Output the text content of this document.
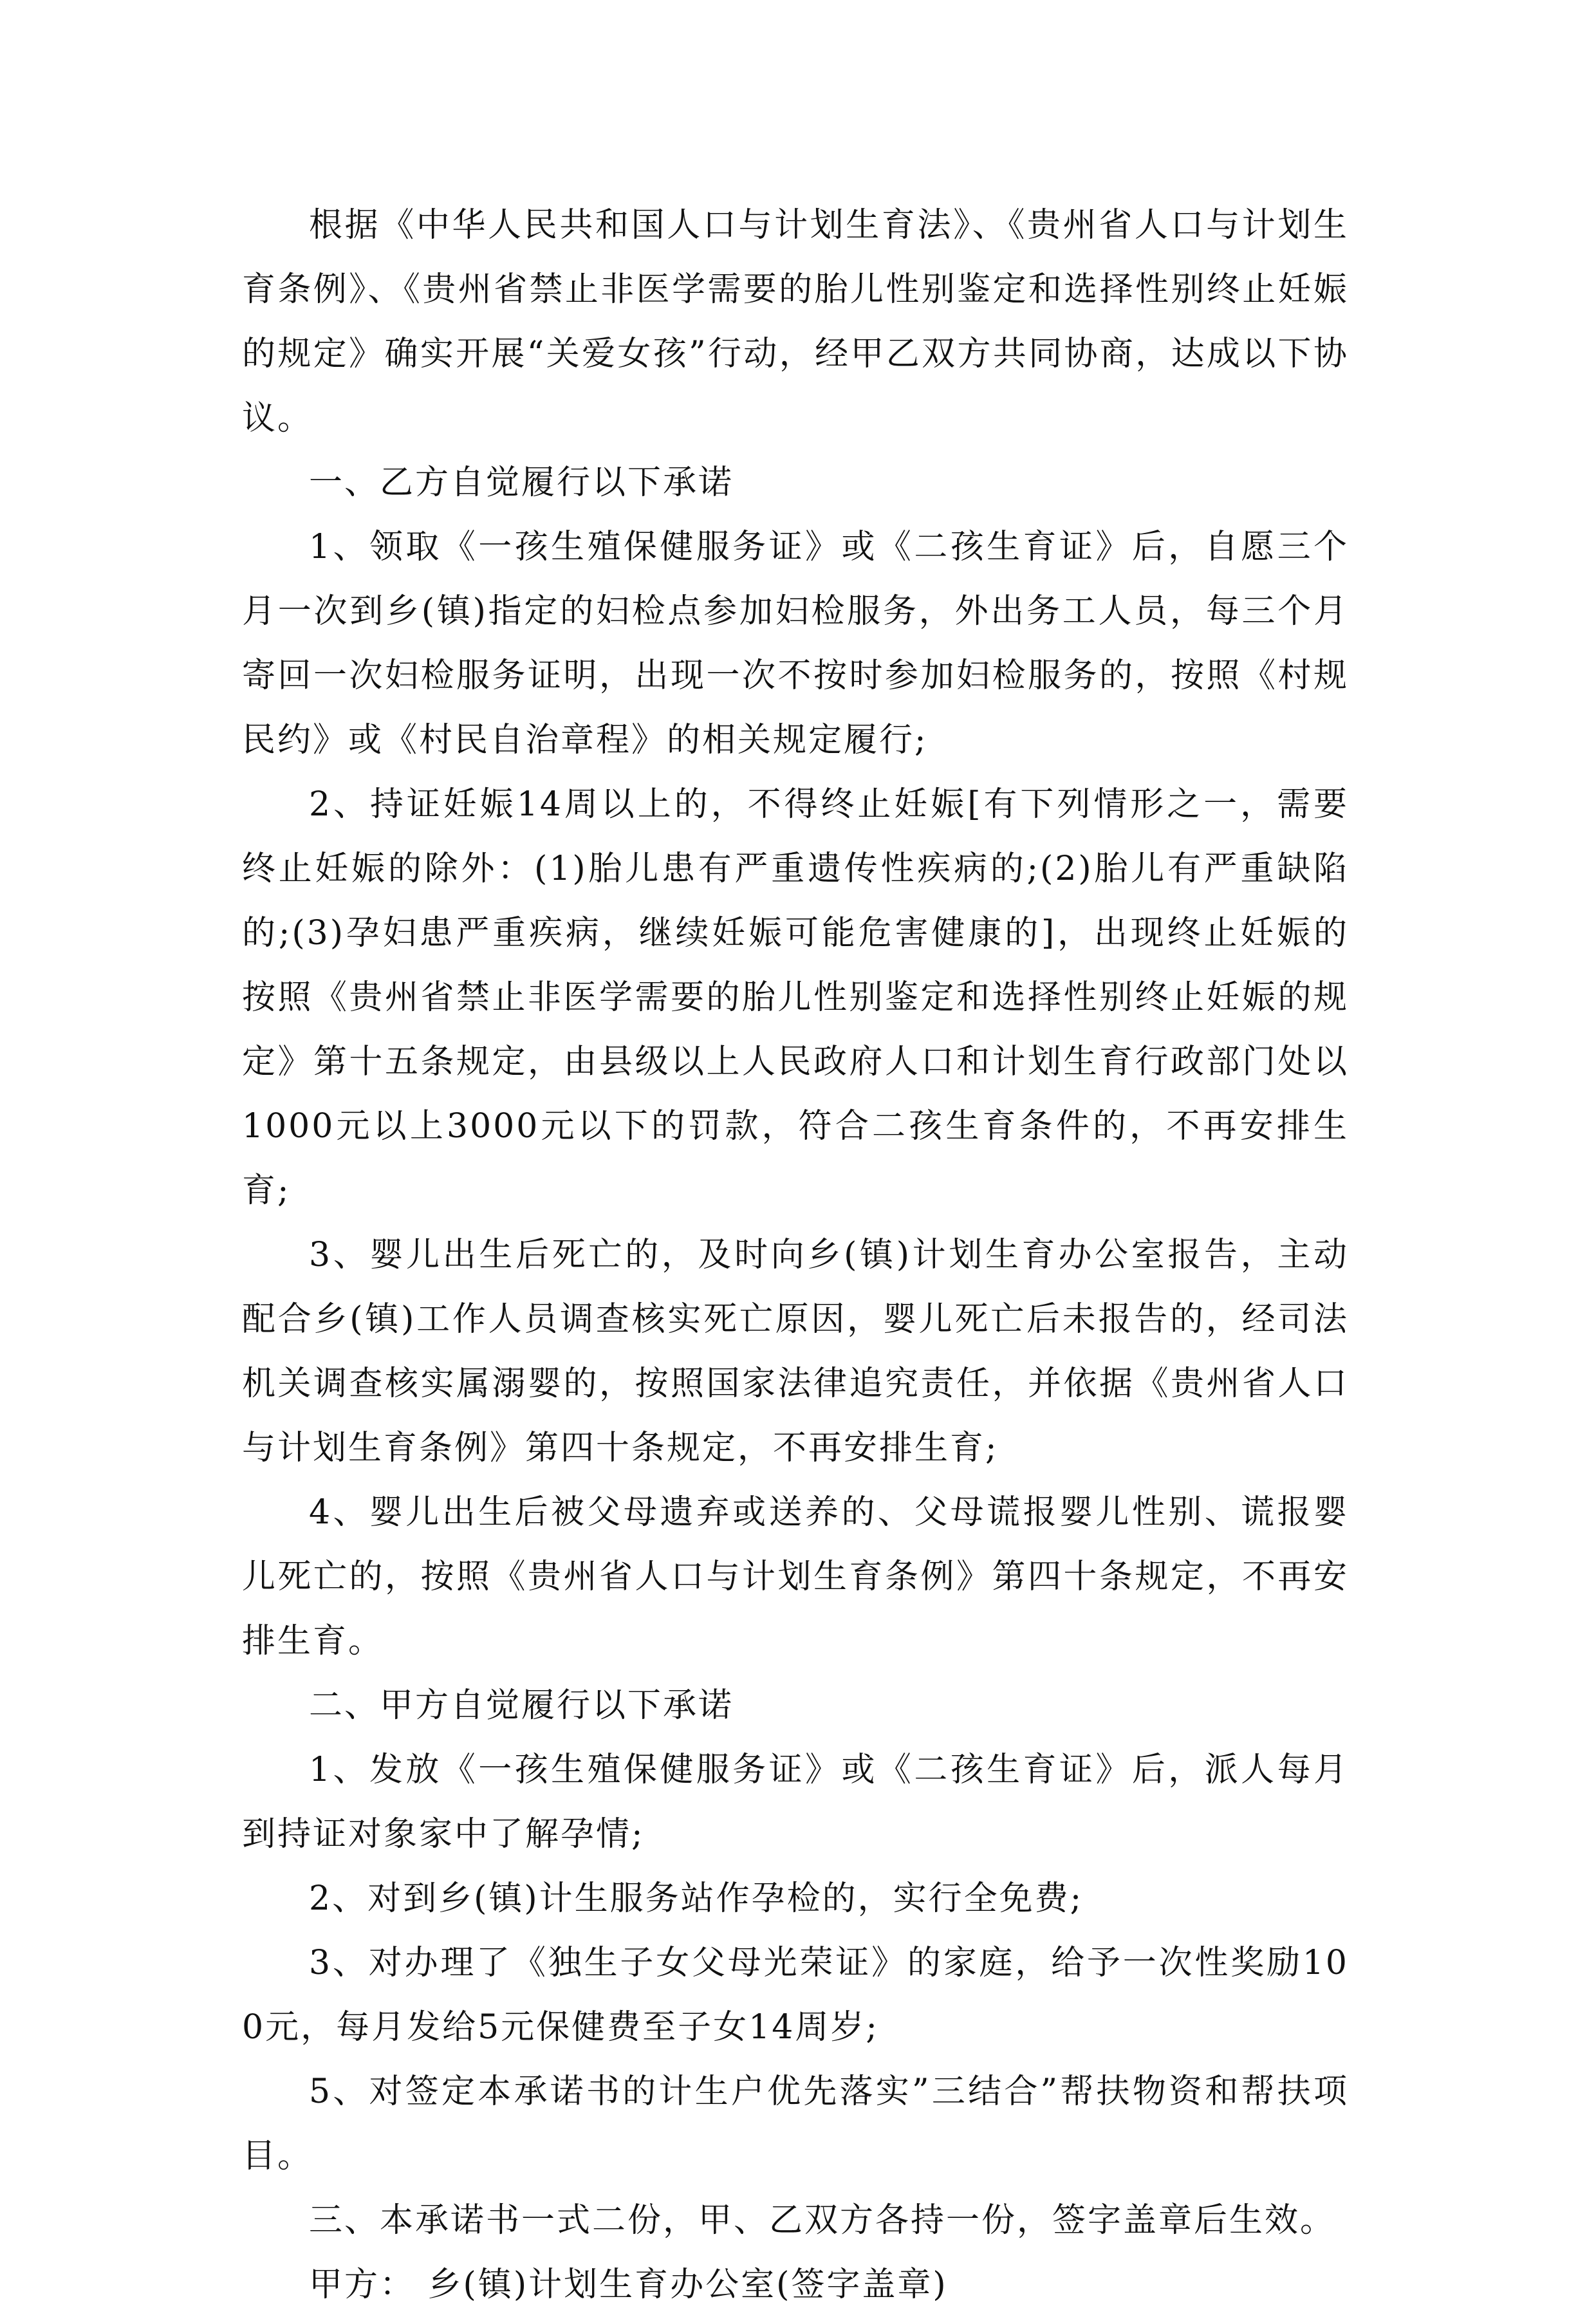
根据《中华人民共和国人口与计划生育法》、《贵州省人口与计划生育条例》、《贵州省禁止非医学需要的胎儿性别鉴定和选择性别终止妊娠的规定》确实开展“关爱女孩”行动，经甲乙双方共同协商，达成以下协议。

一、乙方自觉履行以下承诺

1、领取《一孩生殖保健服务证》或《二孩生育证》后，自愿三个月一次到乡(镇)指定的妇检点参加妇检服务，外出务工人员，每三个月寄回一次妇检服务证明，出现一次不按时参加妇检服务的，按照《村规民约》或《村民自治章程》的相关规定履行;

2、持证妊娠14周以上的，不得终止妊娠[有下列情形之一，需要终止妊娠的除外：(1)胎儿患有严重遗传性疾病的;(2)胎儿有严重缺陷的;(3)孕妇患严重疾病，继续妊娠可能危害健康的]，出现终止妊娠的按照《贵州省禁止非医学需要的胎儿性别鉴定和选择性别终止妊娠的规定》第十五条规定，由县级以上人民政府人口和计划生育行政部门处以1000元以上3000元以下的罚款，符合二孩生育条件的，不再安排生育;

3、婴儿出生后死亡的，及时向乡(镇)计划生育办公室报告，主动配合乡(镇)工作人员调查核实死亡原因，婴儿死亡后未报告的，经司法机关调查核实属溺婴的，按照国家法律追究责任，并依据《贵州省人口与计划生育条例》第四十条规定，不再安排生育;

4、婴儿出生后被父母遗弃或送养的、父母谎报婴儿性别、谎报婴儿死亡的，按照《贵州省人口与计划生育条例》第四十条规定，不再安排生育。

二、甲方自觉履行以下承诺

1、发放《一孩生殖保健服务证》或《二孩生育证》后，派人每月到持证对象家中了解孕情;

2、对到乡(镇)计生服务站作孕检的，实行全免费;

3、对办理了《独生子女父母光荣证》的家庭，给予一次性奖励100元，每月发给5元保健费至子女14周岁;

5、对签定本承诺书的计生户优先落实”三结合”帮扶物资和帮扶项目。

三、本承诺书一式二份，甲、乙双方各持一份，签字盖章后生效。

甲方： 乡(镇)计划生育办公室(签字盖章)
